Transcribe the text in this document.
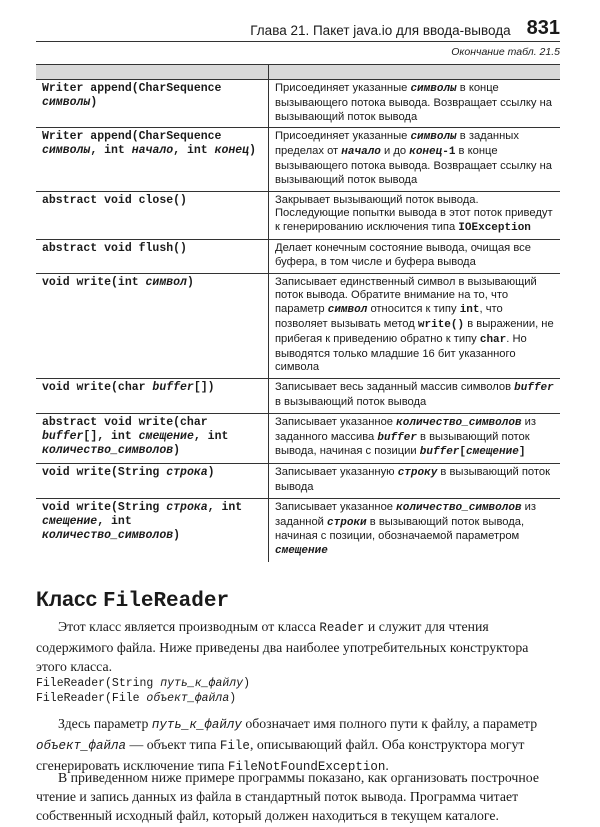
Глава 21. Пакет java.io для ввода-вывода 831
Окончание табл. 21.5

Writer append(CharSequence символы)	Присоединяет указанные символы в конце вызывающего потока вывода. Возвращает ссылку на вызывающий поток вывода
Writer append(CharSequence символы, int начало, int конец)	Присоединяет указанные символы в заданных пределах от начало и до конец-1 в конце вызывающего потока вывода. Возвращает ссылку на вызывающий поток вывода
abstract void close()	Закрывает вызывающий поток вывода. Последующие попытки вывода в этот поток приведут к генерированию исключения типа IOException
abstract void flush()	Делает конечным состояние вывода, очищая все буфера, в том числе и буфера вывода
void write(int символ)	Записывает единственный символ в вызывающий поток вывода. Обратите внимание на то, что параметр символ относится к типу int, что позволяет вызывать метод write() в выражении, не прибегая к приведению обратно к типу char. Но выводятся только младшие 16 бит указанного символа
void write(char buffer[])	Записывает весь заданный массив символов buffer в вызывающий поток вывода
abstract void write(char buffer[], int смещение, int количество_символов)	Записывает указанное количество_символов из заданного массива buffer в вызывающий поток вывода, начиная с позиции buffer[смещение]
void write(String строка)	Записывает указанную строку в вызывающий поток вывода
void write(String строка, int смещение, int количество_символов)	Записывает указанное количество_символов из заданной строки в вызывающий поток вывода, начиная с позиции, обозначаемой параметром смещение
Класс FileReader

Этот класс является производным от класса Reader и служит для чтения содержимого файла. Ниже приведены два наиболее употребительных конструктора этого класса.

FileReader(String путь_к_файлу)
FileReader(File объект_файла)

Здесь параметр путь_к_файлу обозначает имя полного пути к файлу, а параметр объект_файла — объект типа File, описывающий файл. Оба конструктора могут сгенерировать исключение типа FileNotFoundException.

В приведенном ниже примере программы показано, как организовать построчное чтение и запись данных из файла в стандартный поток вывода. Программа читает собственный исходный файл, который должен находиться в текущем каталоге.
